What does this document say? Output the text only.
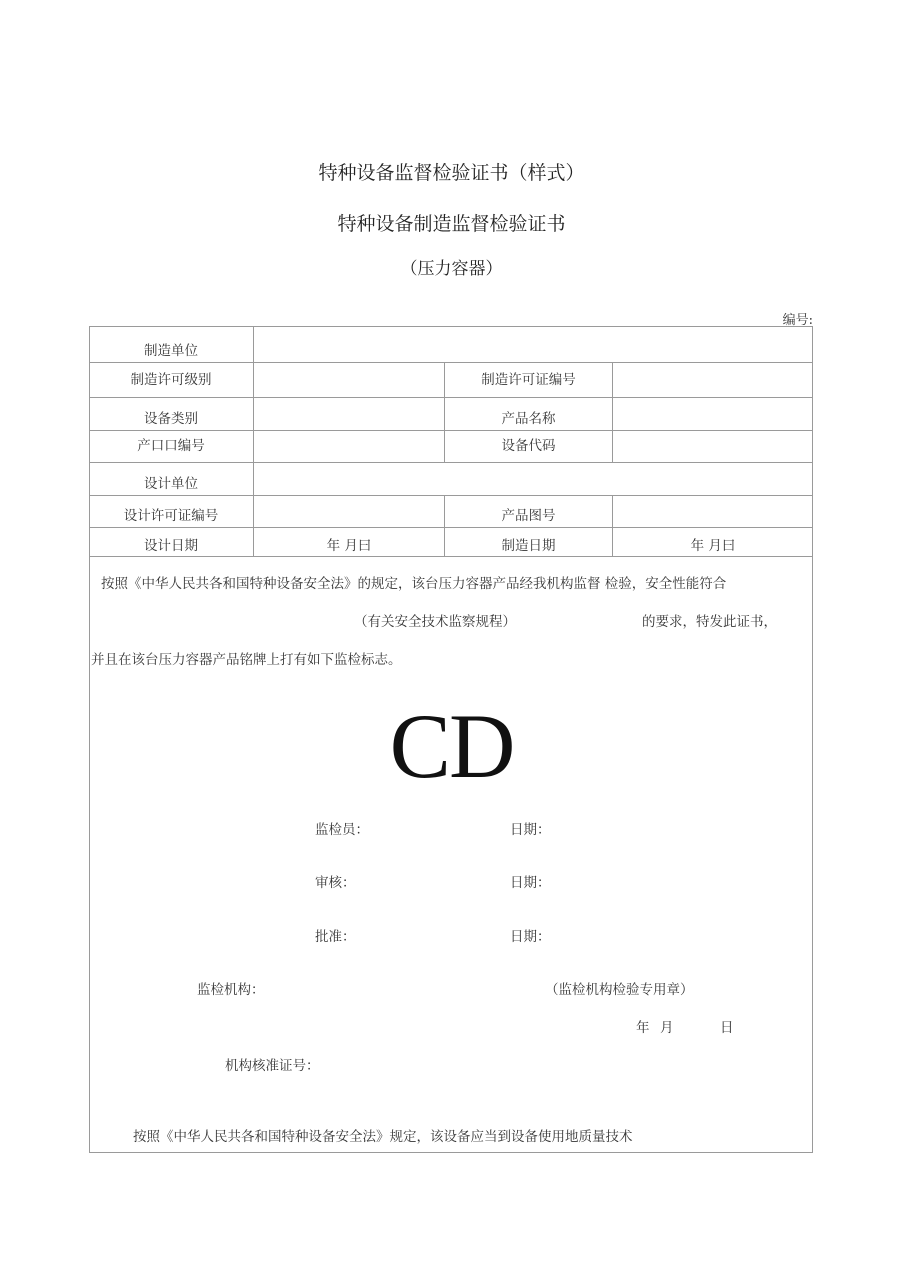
特种设备监督检验证书（样式）
特种设备制造监督检验证书
（压力容器）
编号:
制造单位
制造许可级别	制造许可证编号
设备类别	产品名称
产口口编号	设备代码
设计单位
设计许可证编号	产品图号
设计日期	年 月曰	制造日期	年 月曰
按照《中华人民共各和国特种设备安全法》的规定，该台压力容器产品经我机构监督 检验，安全性能符合
（有关安全技术监察规程）	的要求，特发此证书，
并且在该台压力容器产品铭牌上打有如下监检标志。
CD
监检员：	日期：
审核：	日期：
批准：	日期：
监检机构：	（监检机构检验专用章）
年 月	日
机构核准证号：
按照《中华人民共各和国特种设备安全法》规定，该设备应当到设备使用地质量技术
